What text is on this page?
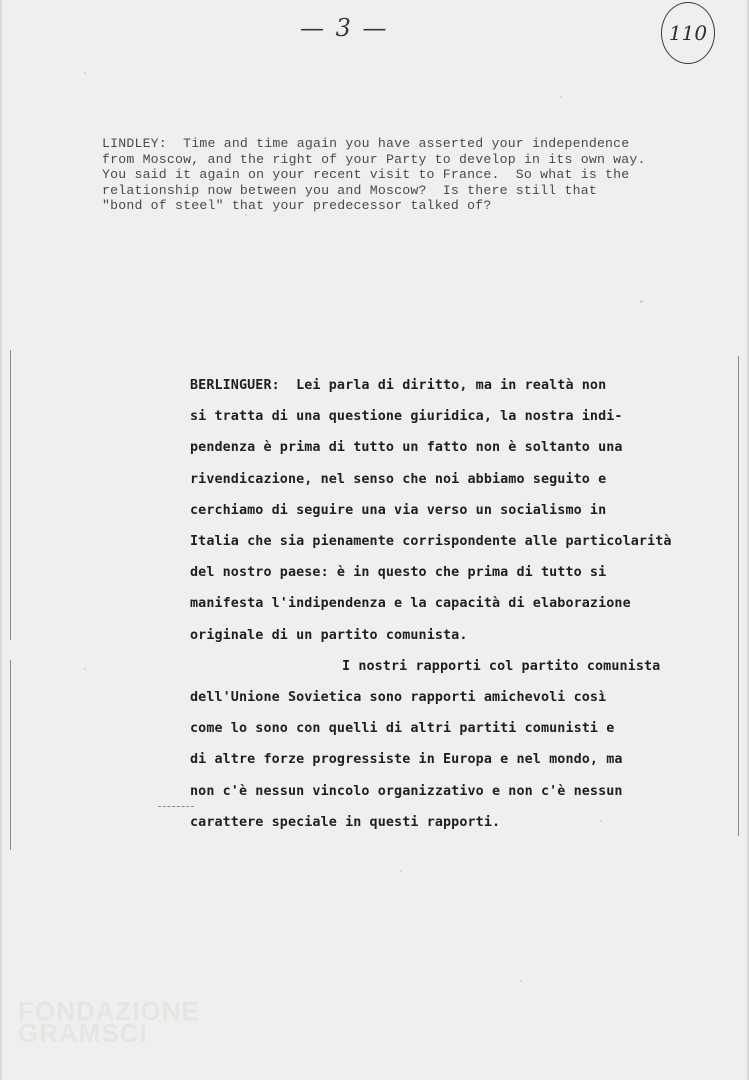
— 3 —	110
LINDLEY:  Time and time again you have asserted your independence
from Moscow, and the right of your Party to develop in its own way.
You said it again on your recent visit to France.  So what is the
relationship now between you and Moscow?  Is there still that
"bond of steel" that your predecessor talked of?
BERLINGUER:  Lei parla di diritto, ma in realtà non
si tratta di una questione giuridica, la nostra indi-
pendenza è prima di tutto un fatto non è soltanto una
rivendicazione, nel senso che noi abbiamo seguito e
cerchiamo di seguire una via verso un socialismo in
Italia che sia pienamente corrispondente alle particolarità
del nostro paese: è in questo che prima di tutto si
manifesta l'indipendenza e la capacità di elaborazione
originale di un partito comunista.
I nostri rapporti col partito comunista
dell'Unione Sovietica sono rapporti amichevoli così
come lo sono con quelli di altri partiti comunisti e
di altre forze progressiste in Europa e nel mondo, ma
non c'è nessun vincolo organizzativo e non c'è nessun
carattere speciale in questi rapporti.
FONDAZIONE
GRAMSCI
